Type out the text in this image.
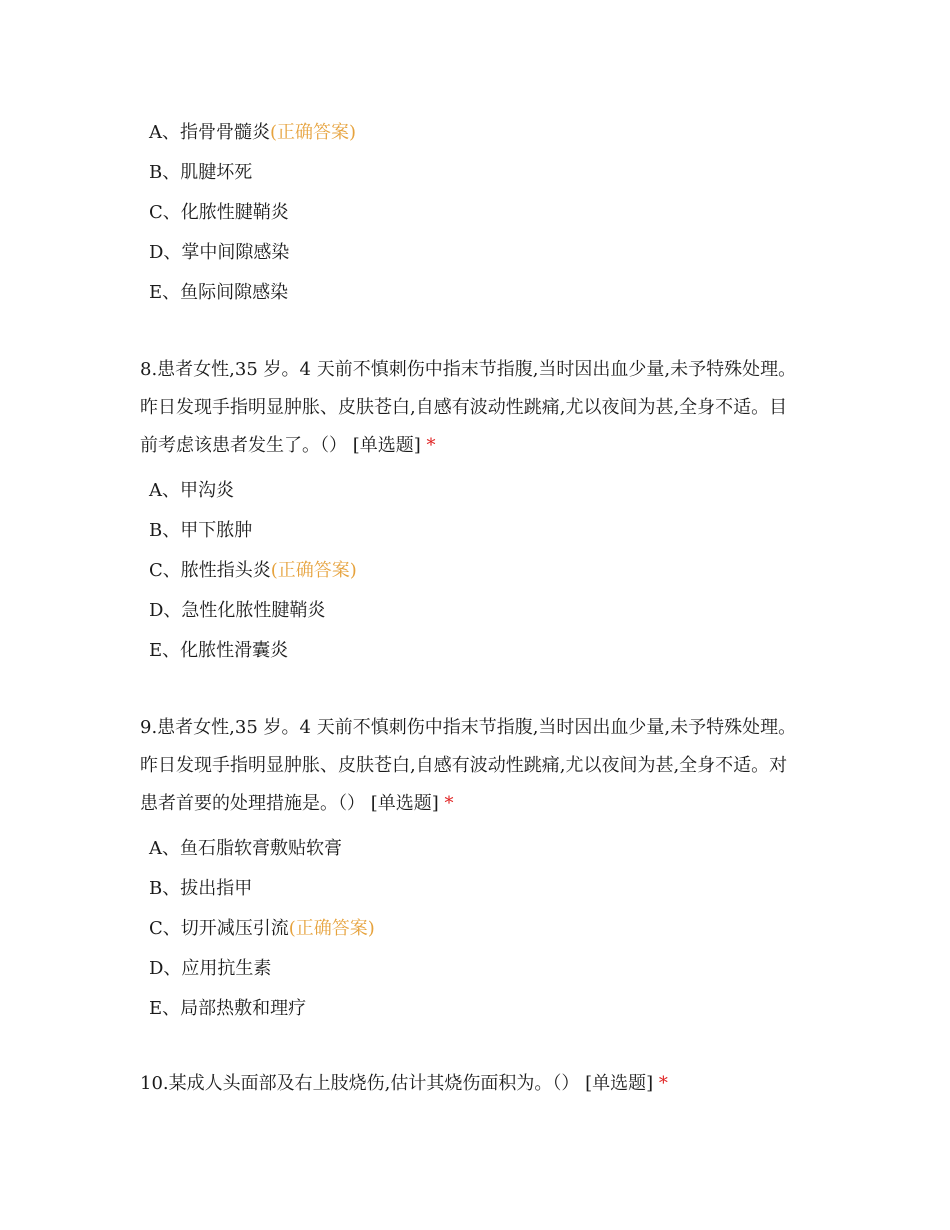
A、指骨骨髓炎(正确答案)
B、肌腱坏死
C、化脓性腱鞘炎
D、掌中间隙感染
E、鱼际间隙感染
8.患者女性,35 岁。4 天前不慎刺伤中指末节指腹,当时因出血少量,未予特殊处理。
昨日发现手指明显肿胀、皮肤苍白,自感有波动性跳痛,尤以夜间为甚,全身不适。目
前考虑该患者发生了。（） [单选题] *
A、甲沟炎
B、甲下脓肿
C、脓性指头炎(正确答案)
D、急性化脓性腱鞘炎
E、化脓性滑囊炎
9.患者女性,35 岁。4 天前不慎刺伤中指末节指腹,当时因出血少量,未予特殊处理。
昨日发现手指明显肿胀、皮肤苍白,自感有波动性跳痛,尤以夜间为甚,全身不适。对
患者首要的处理措施是。（） [单选题] *
A、鱼石脂软膏敷贴软膏
B、拔出指甲
C、切开减压引流(正确答案)
D、应用抗生素
E、局部热敷和理疗
10.某成人头面部及右上肢烧伤,估计其烧伤面积为。（） [单选题] *
